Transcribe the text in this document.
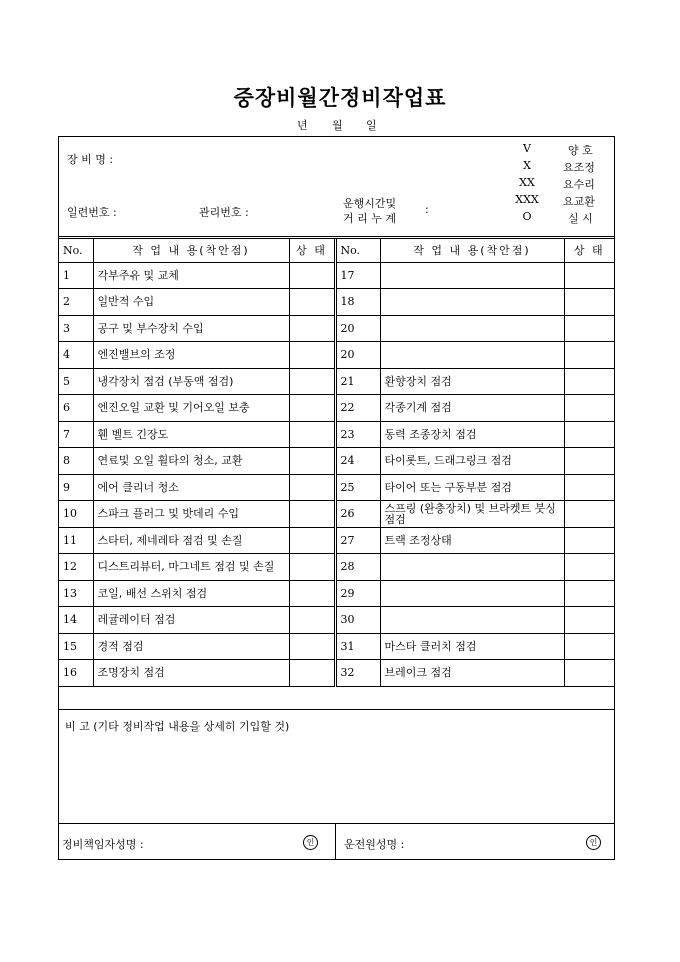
중장비월간정비작업표
년 월 일
장 비 명 :
일련번호 :	관리번호 :
운행시간및
거 리 누 계
:
V	양 호
X	요조정
XX	요수리
XXX	요교환
O	실 시
No.	작 업 내 용(착안점)	상 태	No.	작 업 내 용(착안점)	상 태
1	각부주유 및 교체		17		
2	일반적 수입		18		
3	공구 및 부수장치 수입		20		
4	엔진밸브의 조정		20		
5	냉각장치 점검 (부동액 점검)		21	환향장치 점검	
6	엔진오일 교환 및 기어오일 보충		22	각종기계 점검	
7	휀 벨트 긴장도		23	동력 조종장치 점검	
8	연료및 오일 휠타의 청소, 교환		24	타이롯트, 드래그링크 점검	
9	에어 클리너 청소		25	타이어 또는 구동부분 점검	
10	스파크 플러그 및 밧데리 수입		26	스프링 (완충장치) 및 브라켓트 붓싱 점검	
11	스타터, 제네레타 점검 및 손질		27	트랙 조정상태	
12	디스트리뷰터, 마그네트 점검 및 손질		28		
13	코일, 배선 스위치 점검		29		
14	레귤레이터 점검		30		
15	경적 점검		31	마스타 클러치 점검	
16	조명장치 점검		32	브레이크 점검	
비 고 (기타 정비작업 내용을 상세히 기입할 것)
정비책임자성명 :	인	운전원성명 :	인
